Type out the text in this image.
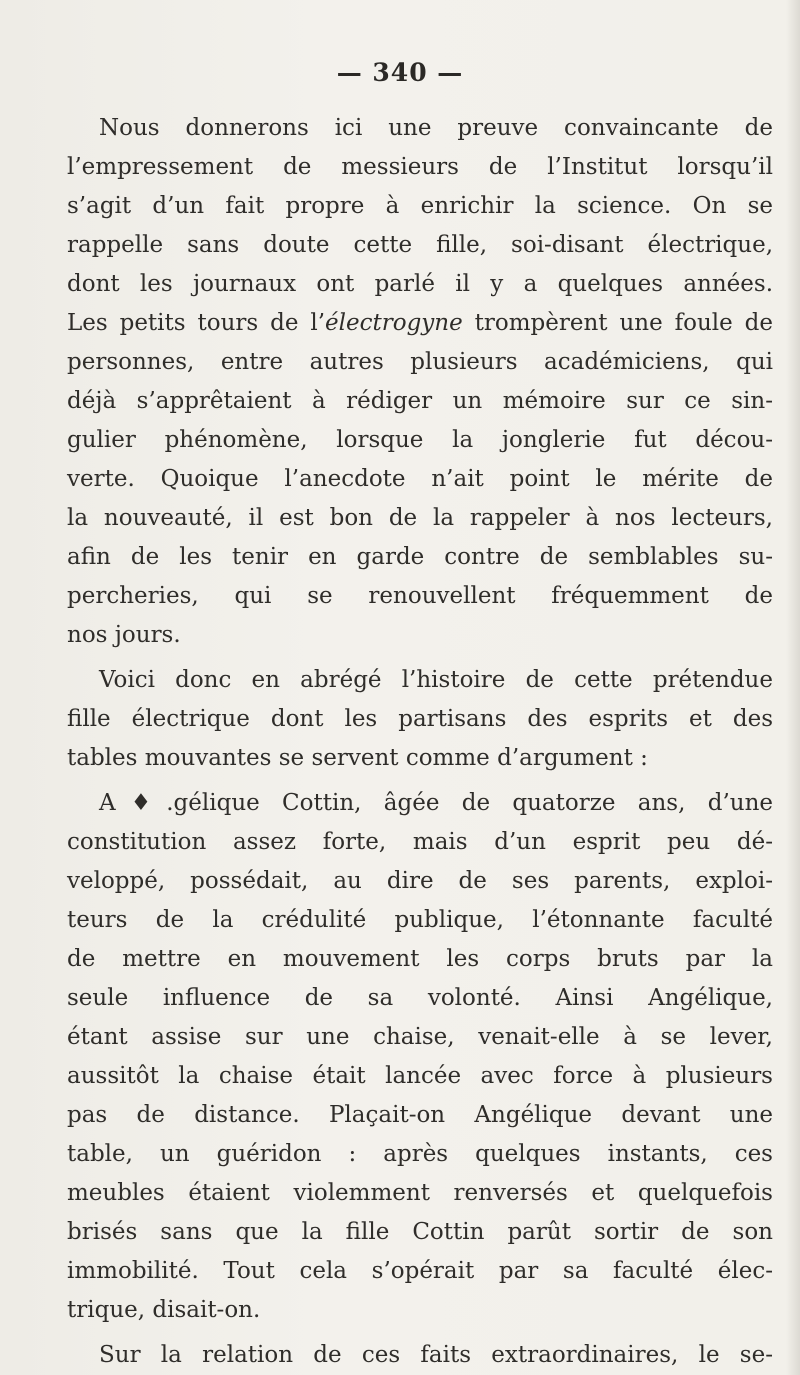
— 340 —
Nous donnerons ici une preuve convaincante de
l’empressement de messieurs de l’Institut lorsqu’il
s’agit d’un fait propre à enrichir la science. On se
rappelle sans doute cette fille, soi-disant électrique,
dont les journaux ont parlé il y a quelques années.
Les petits tours de l’électrogyne trompèrent une foule de
personnes, entre autres plusieurs académiciens, qui
déjà s’apprêtaient à rédiger un mémoire sur ce sin-
gulier phénomène, lorsque la jonglerie fut décou-
verte. Quoique l’anecdote n’ait point le mérite de
la nouveauté, il est bon de la rappeler à nos lecteurs,
afin de les tenir en garde contre de semblables su-
percheries, qui se renouvellent fréquemment de
nos jours.
Voici donc en abrégé l’histoire de cette prétendue
fille électrique dont les partisans des esprits et des
tables mouvantes se servent comme d’argument :
A♦.gélique Cottin, âgée de quatorze ans, d’une
constitution assez forte, mais d’un esprit peu dé-
veloppé, possédait, au dire de ses parents, exploi-
teurs de la crédulité publique, l’étonnante faculté
de mettre en mouvement les corps bruts par la
seule influence de sa volonté. Ainsi Angélique,
étant assise sur une chaise, venait-elle à se lever,
aussitôt la chaise était lancée avec force à plusieurs
pas de distance. Plaçait-on Angélique devant une
table, un guéridon : après quelques instants, ces
meubles étaient violemment renversés et quelquefois
brisés sans que la fille Cottin parût sortir de son
immobilité. Tout cela s’opérait par sa faculté élec-
trique, disait-on.
Sur la relation de ces faits extraordinaires, le se-
